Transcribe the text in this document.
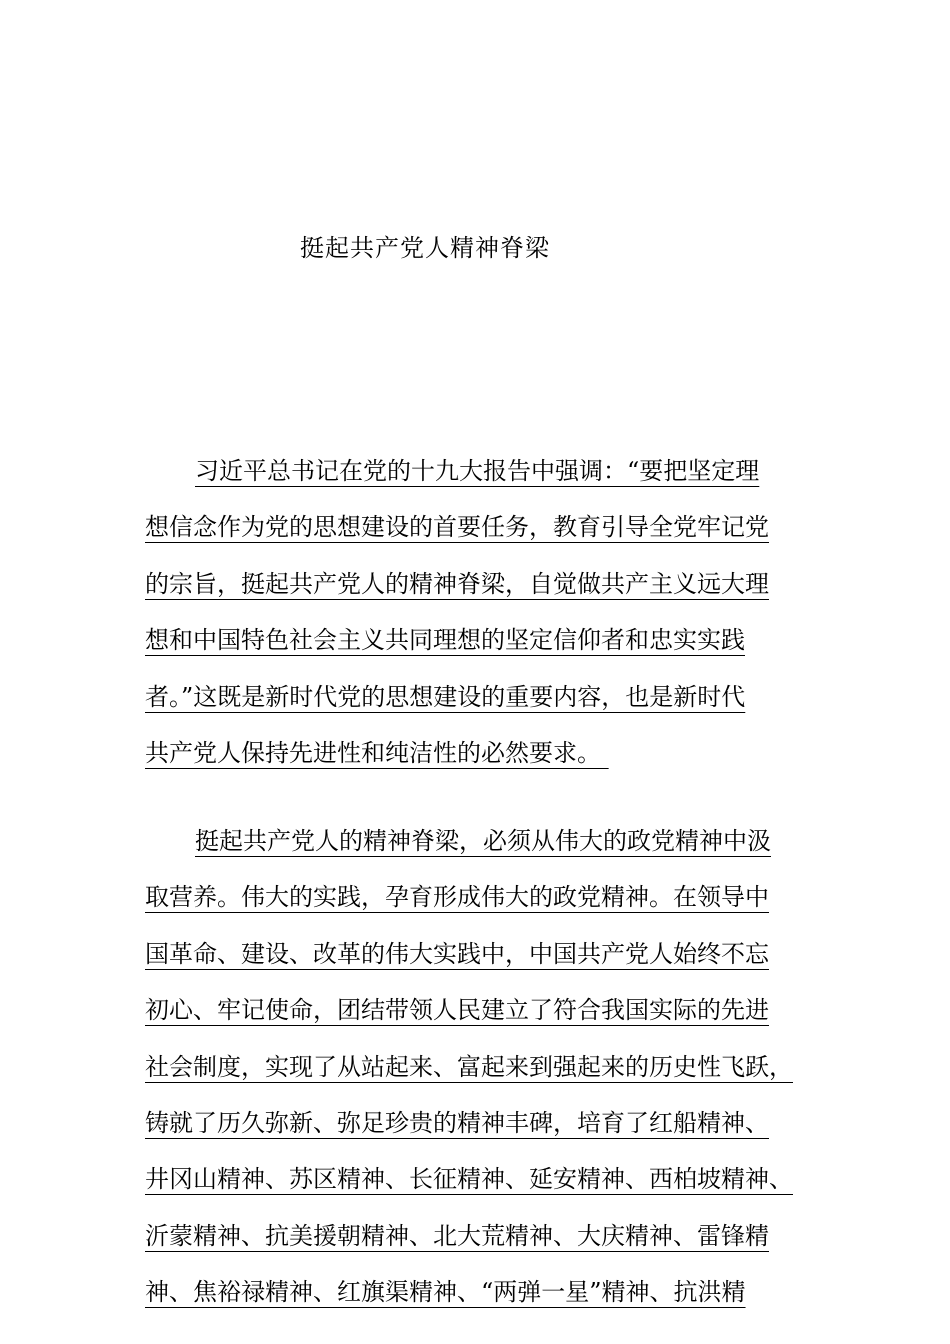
挺起共产党人精神脊梁
习近平总书记在党的十九大报告中强调：“要把坚定理
想信念作为党的思想建设的首要任务，教育引导全党牢记党
的宗旨，挺起共产党人的精神脊梁，自觉做共产主义远大理
想和中国特色社会主义共同理想的坚定信仰者和忠实实践
者。”这既是新时代党的思想建设的重要内容，也是新时代
共产党人保持先进性和纯洁性的必然要求。
挺起共产党人的精神脊梁，必须从伟大的政党精神中汲
取营养。伟大的实践，孕育形成伟大的政党精神。在领导中
国革命、建设、改革的伟大实践中，中国共产党人始终不忘
初心、牢记使命，团结带领人民建立了符合我国实际的先进
社会制度，实现了从站起来、富起来到强起来的历史性飞跃，
铸就了历久弥新、弥足珍贵的精神丰碑，培育了红船精神、
井冈山精神、苏区精神、长征精神、延安精神、西柏坡精神、
沂蒙精神、抗美援朝精神、北大荒精神、大庆精神、雷锋精
神、焦裕禄精神、红旗渠精神、“两弹一星”精神、抗洪精
